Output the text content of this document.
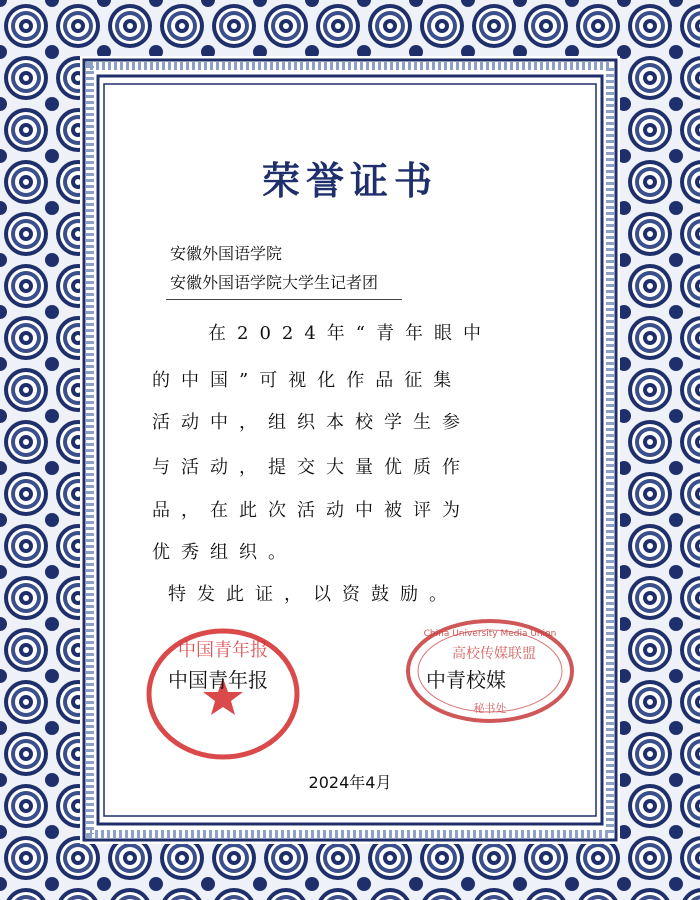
荣誉证书
安徽外国语学院
安徽外国语学院大学生记者团
在2024年“青年眼中
的中国”可视化作品征集
活动中，组织本校学生参
与活动，提交大量优质作
品，在此次活动中被评为
优秀组织。
特发此证，以资鼓励。
中国青年报
China University Media Union
高校传媒联盟
秘书处
中国青年报	中青校媒
2024年4月
